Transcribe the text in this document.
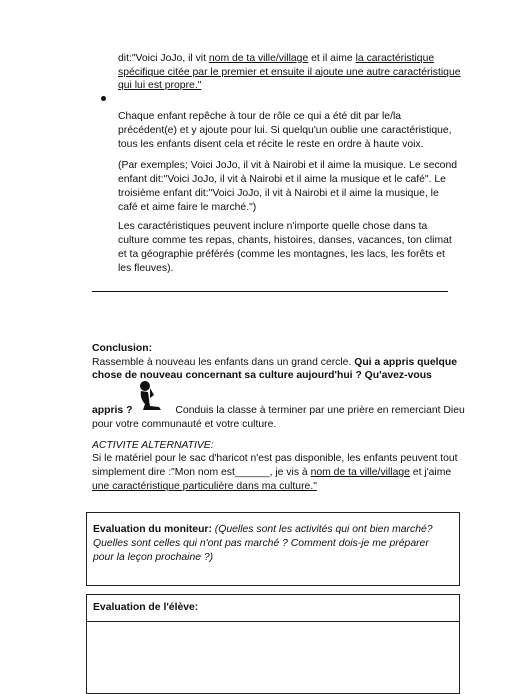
dit:"Voici JoJo, il vit nom de ta ville/village et il aime la caractéristique
spécifique citée par le premier et ensuite il ajoute une autre caractéristique
qui lui est propre."
Chaque enfant repêche à tour de rôle ce qui a été dit par le/la
précédent(e) et y ajoute pour lui. Si quelqu'un oublie une caractéristique,
tous les enfants disent cela et récite le reste en ordre à haute voix.
(Par exemples; Voici JoJo, il vit à Nairobi et il aime la musique. Le second
enfant dit:"Voici JoJo, il vit à Nairobi et il aime la musique et le café". Le
troisième enfant dit:"Voici JoJo, il vit à Nairobi et il aime la musique, le
café et aime faire le marché.")
Les caractéristiques peuvent inclure n'importe quelle chose dans ta
culture comme tes repas, chants, histoires, danses, vacances, ton climat
et ta géographie préférés (comme les montagnes, les lacs, les forêts et
les fleuves).
Conclusion:
Rassemble à nouveau les enfants dans un grand cercle. Qui a appris quelque
chose de nouveau concernant sa culture aujourd'hui ? Qu'avez-vous
appris ?	Conduis la classe à terminer par une prière en remerciant Dieu
pour votre communauté et votre culture.
ACTIVITE ALTERNATIVE:
Si le matériel pour le sac d'haricot n'est pas disponible, les enfants peuvent tout
simplement dire :"Mon nom est______, je vis à nom de ta ville/village et j'aime
une caractéristique particulière dans ma culture."
Evaluation du moniteur: (Quelles sont les activités qui ont bien marché?
Quelles sont celles qui n'ont pas marché ? Comment dois-je me préparer
pour la leçon prochaine ?)
Evaluation de l'élève:
